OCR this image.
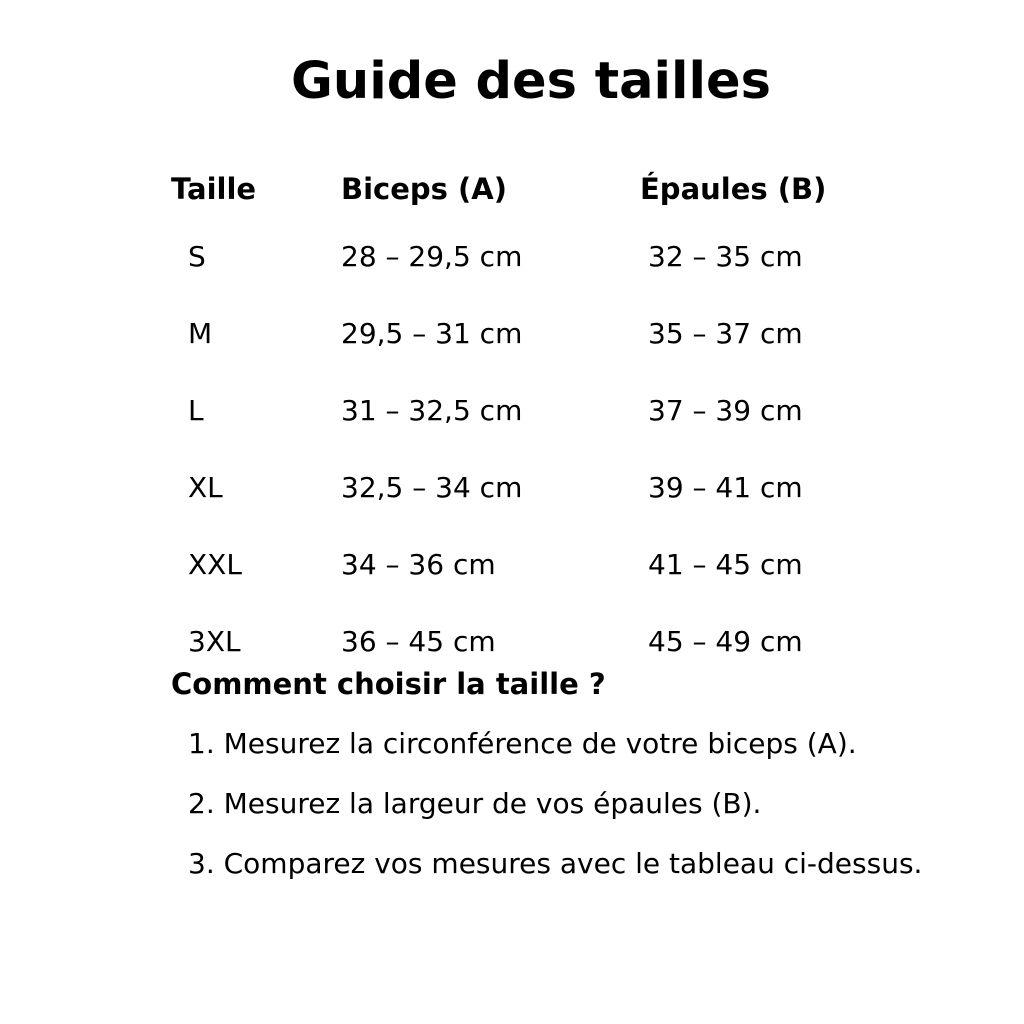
Guide des tailles
Taille	Biceps (A)	Épaules (B)
S	28 – 29,5 cm	32 – 35 cm
M	29,5 – 31 cm	35 – 37 cm
L	31 – 32,5 cm	37 – 39 cm
XL	32,5 – 34 cm	39 – 41 cm
XXL	34 – 36 cm	41 – 45 cm
3XL	36 – 45 cm	45 – 49 cm
Comment choisir la taille ?
1. Mesurez la circonférence de votre biceps (A).
2. Mesurez la largeur de vos épaules (B).
3. Comparez vos mesures avec le tableau ci-dessus.
